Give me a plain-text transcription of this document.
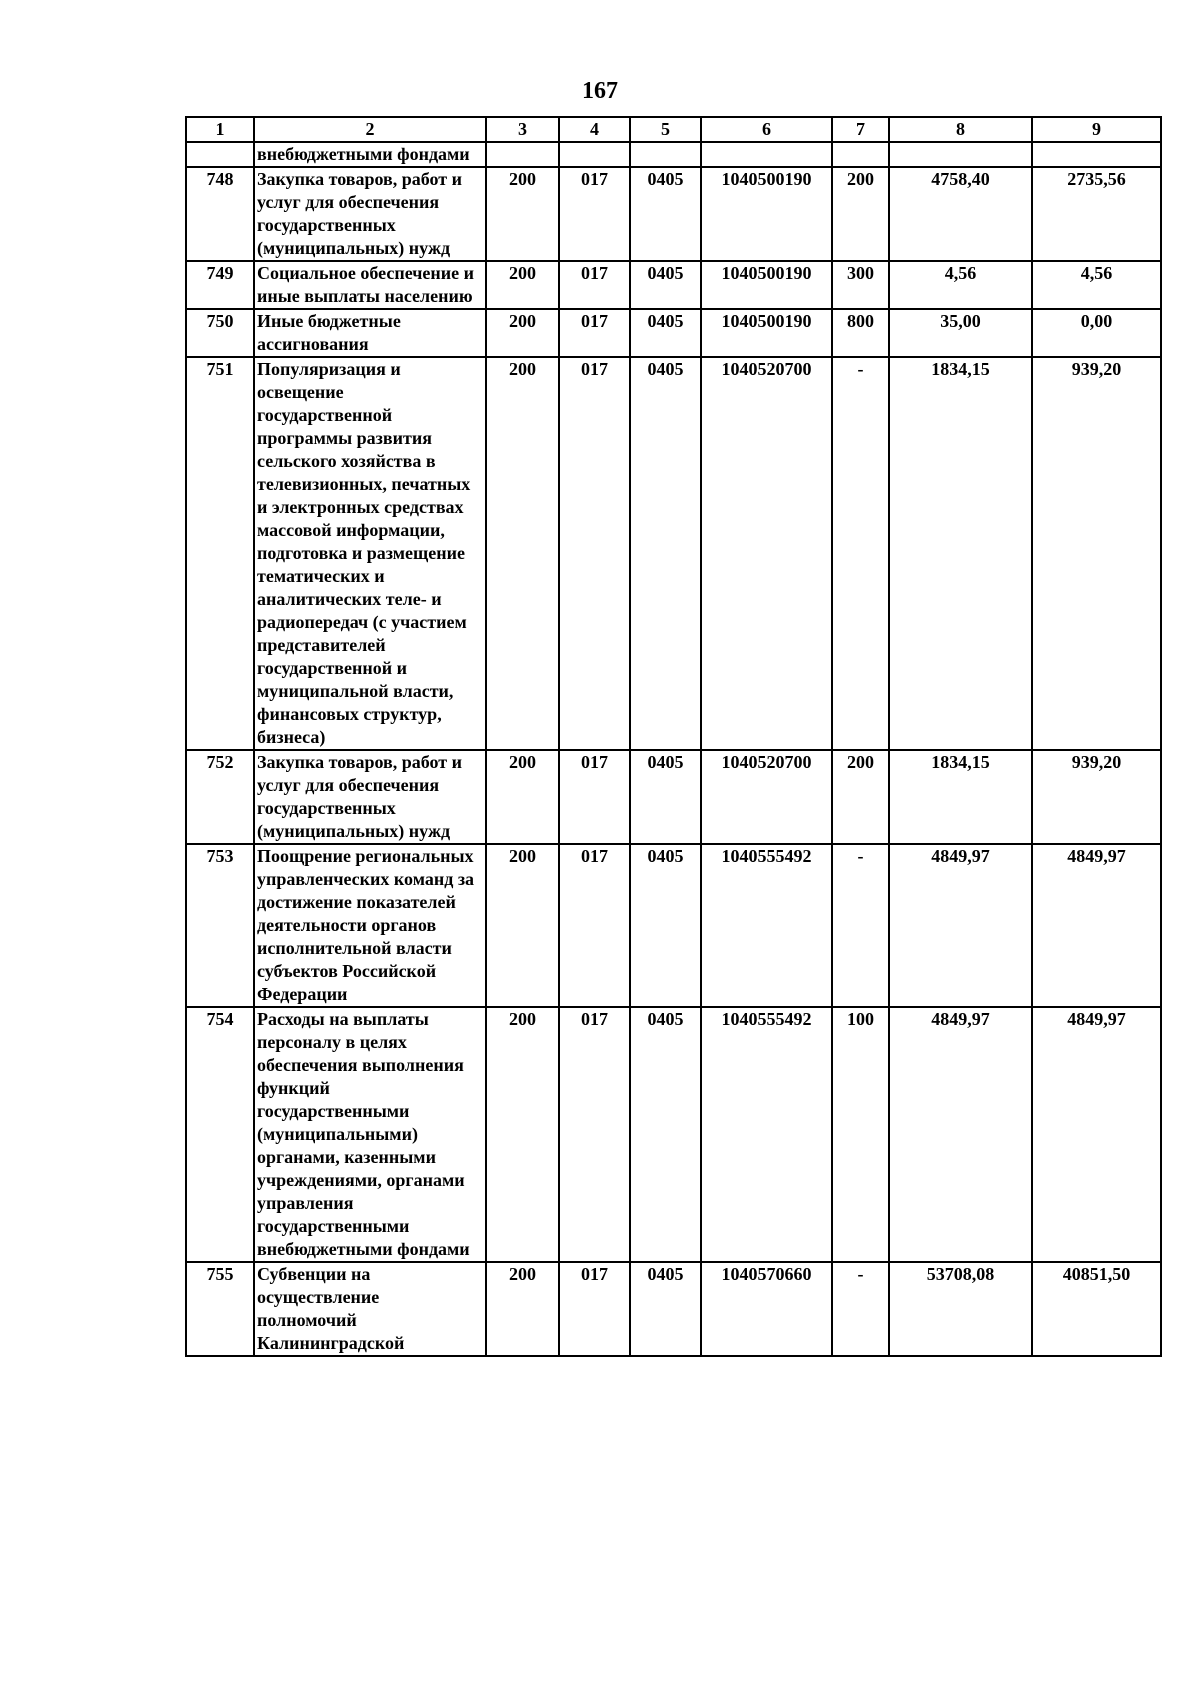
167
1	2	3	4	5	6	7	8	9
	внебюджетными фондами							
748	Закупка товаров, работ и услуг для обеспечения государственных (муниципальных) нужд	200	017	0405	1040500190	200	4758,40	2735,56
749	Социальное обеспечение и иные выплаты населению	200	017	0405	1040500190	300	4,56	4,56
750	Иные бюджетные ассигнования	200	017	0405	1040500190	800	35,00	0,00
751	Популяризация и освещение государственной программы развития сельского хозяйства в телевизионных, печатных и электронных средствах массовой информации, подготовка и размещение тематических и аналитических теле- и радиопередач (с участием представителей государственной и муниципальной власти, финансовых структур, бизнеса)	200	017	0405	1040520700	-	1834,15	939,20
752	Закупка товаров, работ и услуг для обеспечения государственных (муниципальных) нужд	200	017	0405	1040520700	200	1834,15	939,20
753	Поощрение региональных управленческих команд за достижение показателей деятельности органов исполнительной власти субъектов Российской Федерации	200	017	0405	1040555492	-	4849,97	4849,97
754	Расходы на выплаты персоналу в целях обеспечения выполнения функций государственными (муниципальными) органами, казенными учреждениями, органами управления государственными внебюджетными фондами	200	017	0405	1040555492	100	4849,97	4849,97
755	Субвенции на осуществление полномочий Калининградской	200	017	0405	1040570660	-	53708,08	40851,50
